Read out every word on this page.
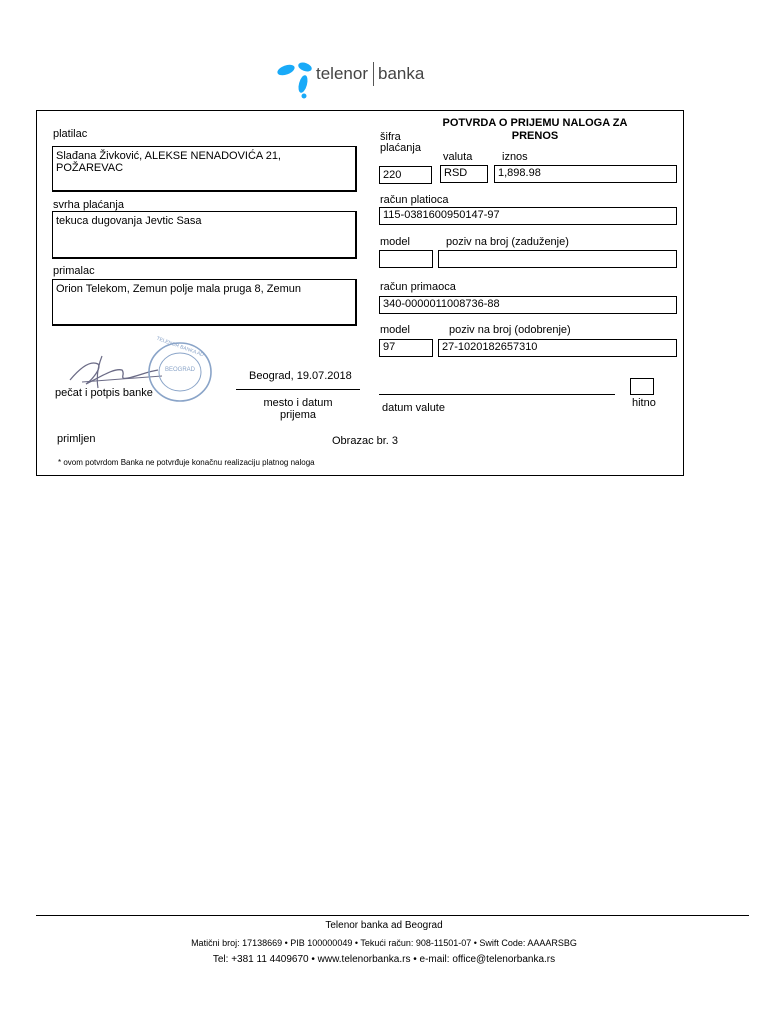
telenor banka
POTVRDA O PRIJEMU NALOGA ZA
PRENOS
platilac
Slađana Živković, ALEKSE NENADOVIĆA 21,
POŽAREVAC
svrha plaćanja
tekuca dugovanja Jevtic Sasa
primalac
Orion Telekom, Zemun polje mala pruga 8, Zemun
šifra
plaćanja
valuta	iznos
220	RSD	1,898.98
račun platioca
115-0381600950147-97
model	poziv na broj (zaduženje)
račun primaoca
340-0000011008736-88
model	poziv na broj (odobrenje)
97	27-1020182657310
TELENOR BANKA AD
BEOGRAD
pečat i potpis banke
Beograd, 19.07.2018
mesto i datum
prijema
datum valute	hitno
primljen	Obrazac br. 3
* ovom potvrdom Banka ne potvrđuje konačnu realizaciju platnog naloga
Telenor banka ad Beograd
Matični broj: 17138669 • PIB 100000049 • Tekući račun: 908-11501-07 • Swift Code: AAAARSBG
Tel: +381 11 4409670 • www.telenorbanka.rs • e-mail: office@telenorbanka.rs
